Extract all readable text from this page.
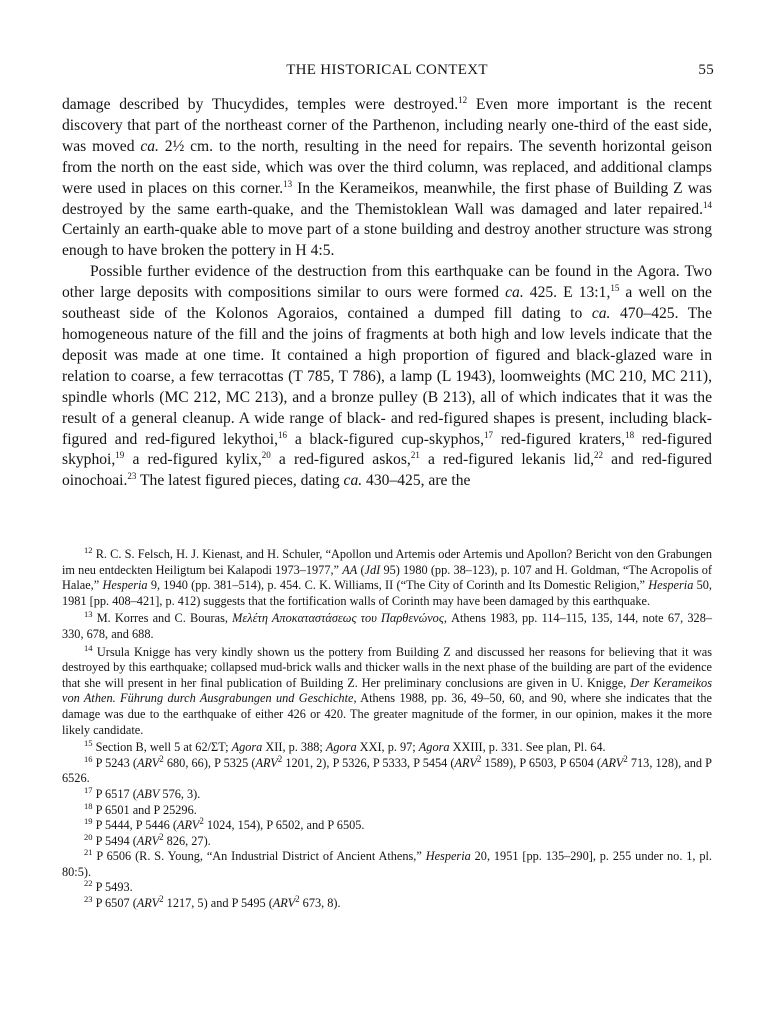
THE HISTORICAL CONTEXT	55

damage described by Thucydides, temples were destroyed.$^{12}$ Even more important is the recent discovery that part of the northeast corner of the Parthenon, including nearly one-third of the east side, was moved ca. 2½ cm. to the north, resulting in the need for repairs. The seventh horizontal geison from the north on the east side, which was over the third column, was replaced, and additional clamps were used in places on this corner.$^{13}$ In the Kerameikos, meanwhile, the first phase of Building Z was destroyed by the same earth-quake, and the Themistoklean Wall was damaged and later repaired.$^{14}$ Certainly an earth-quake able to move part of a stone building and destroy another structure was strong enough to have broken the pottery in H 4:5.

Possible further evidence of the destruction from this earthquake can be found in the Agora. Two other large deposits with compositions similar to ours were formed ca. 425. E 13:1,15 a well on the southeast side of the Kolonos Agoraios, contained a dumped fill dating to ca. 470–425. The homogeneous nature of the fill and the joins of fragments at both high and low levels indicate that the deposit was made at one time. It contained a high proportion of figured and black-glazed ware in relation to coarse, a few terracottas (T 785, T 786), a lamp (L 1943), loomweights (MC 210, MC 211), spindle whorls (MC 212, MC 213), and a bronze pulley (B 213), all of which indicates that it was the result of a general cleanup. A wide range of black- and red-figured shapes is present, including black-figured and red-figured lekythoi,$^{16}$ a black-figured cup-skyphos,$^{17}$ red-figured kraters,$^{18}$ red-figured skyphoi,$^{19}$ a red-figured kylix,$^{20}$ a red-figured askos,$^{21}$ a red-figured lekanis lid,$^{22}$ and red-figured oinochoai.$^{23}$ The latest figured pieces, dating ca. 430–425, are the

$^{12}$ R. C. S. Felsch, H. J. Kienast, and H. Schuler, “Apollon und Artemis oder Artemis und Apollon? Bericht von den Grabungen im neu entdeckten Heiligtum bei Kalapodi 1973–1977,” AA (JdI 95) 1980 (pp. 38–123), p. 107 and H. Goldman, “The Acropolis of Halae,” Hesperia 9, 1940 (pp. 381–514), p. 454. C. K. Williams, II (“The City of Corinth and Its Domestic Religion,” Hesperia 50, 1981 [pp. 408–421], p. 412) suggests that the fortification walls of Corinth may have been damaged by this earthquake.

$^{13}$ M. Korres and C. Bouras, Μελέτη Αποκαταστάσεως του Παρθενώνος, Athens 1983, pp. 114–115, 135, 144, note 67, 328–330, 678, and 688.

$^{14}$ Ursula Knigge has very kindly shown us the pottery from Building Z and discussed her reasons for believing that it was destroyed by this earthquake; collapsed mud-brick walls and thicker walls in the next phase of the building are part of the evidence that she will present in her final publication of Building Z. Her preliminary conclusions are given in U. Knigge, Der Kerameikos von Athen. Führung durch Ausgrabungen und Geschichte, Athens 1988, pp. 36, 49–50, 60, and 90, where she indicates that the damage was due to the earthquake of either 426 or 420. The greater magnitude of the former, in our opinion, makes it the more likely candidate.

$^{15}$ Section B, well 5 at 62/ΣΤ; Agora XII, p. 388; Agora XXI, p. 97; Agora XXIII, p. 331. See plan, Pl. 64.

$^{16}$ P 5243 (ARV$^2$ 680, 66), P 5325 (ARV$^2$ 1201, 2), P 5326, P 5333, P 5454 (ARV$^2$ 1589), P 6503, P 6504 (ARV$^2$ 713, 128), and P 6526.

$^{17}$ P 6517 (ABV 576, 3).

$^{18}$ P 6501 and P 25296.

$^{19}$ P 5444, P 5446 (ARV$^2$ 1024, 154), P 6502, and P 6505.

$^{20}$ P 5494 (ARV$^2$ 826, 27).

$^{21}$ P 6506 (R. S. Young, “An Industrial District of Ancient Athens,” Hesperia 20, 1951 [pp. 135–290], p. 255 under no. 1, pl. 80:5).

$^{22}$ P 5493.

$^{23}$ P 6507 (ARV$^2$ 1217, 5) and P 5495 (ARV$^2$ 673, 8).
